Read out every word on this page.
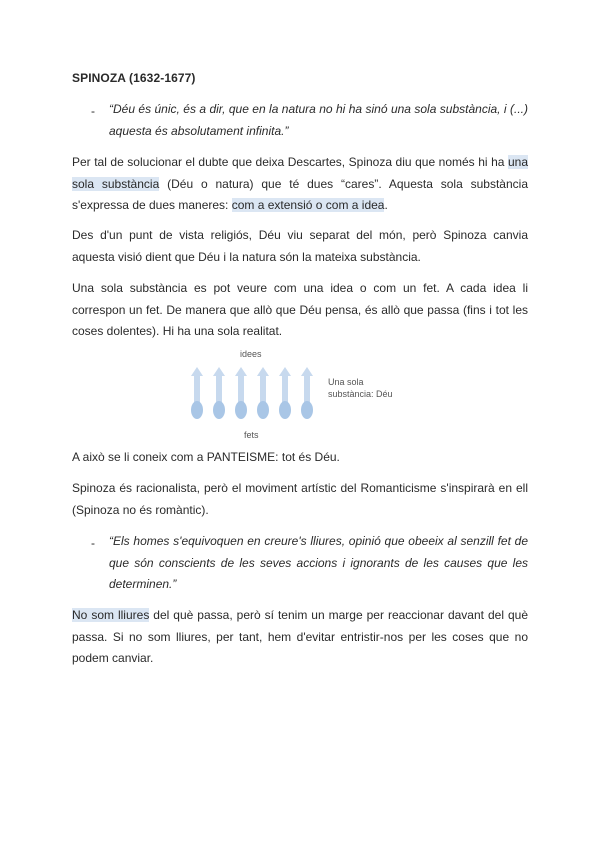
SPINOZA (1632-1677)
- “Déu és únic, és a dir, que en la natura no hi ha sinó una sola substància, i (...) aquesta és absolutament infinita.”
Per tal de solucionar el dubte que deixa Descartes, Spinoza diu que només hi ha una sola substància (Déu o natura) que té dues “cares”. Aquesta sola substància s'expressa de dues maneres: com a extensió o com a idea.
Des d'un punt de vista religiós, Déu viu separat del món, però Spinoza canvia aquesta visió dient que Déu i la natura són la mateixa substància.
Una sola substància es pot veure com una idea o com un fet. A cada idea li correspon un fet. De manera que allò que Déu pensa, és allò que passa (fins i tot les coses dolentes). Hi ha una sola realitat.
idees
Una sola
substància: Déu
fets
A això se li coneix com a PANTEISME: tot és Déu.
Spinoza és racionalista, però el moviment artístic del Romanticisme s'inspirarà en ell (Spinoza no és romàntic).
- “Els homes s'equivoquen en creure's lliures, opinió que obeeix al senzill fet de que són conscients de les seves accions i ignorants de les causes que les determinen.”
No som lliures del què passa, però sí tenim un marge per reaccionar davant del què passa. Si no som lliures, per tant, hem d'evitar entristir-nos per les coses que no podem canviar.
